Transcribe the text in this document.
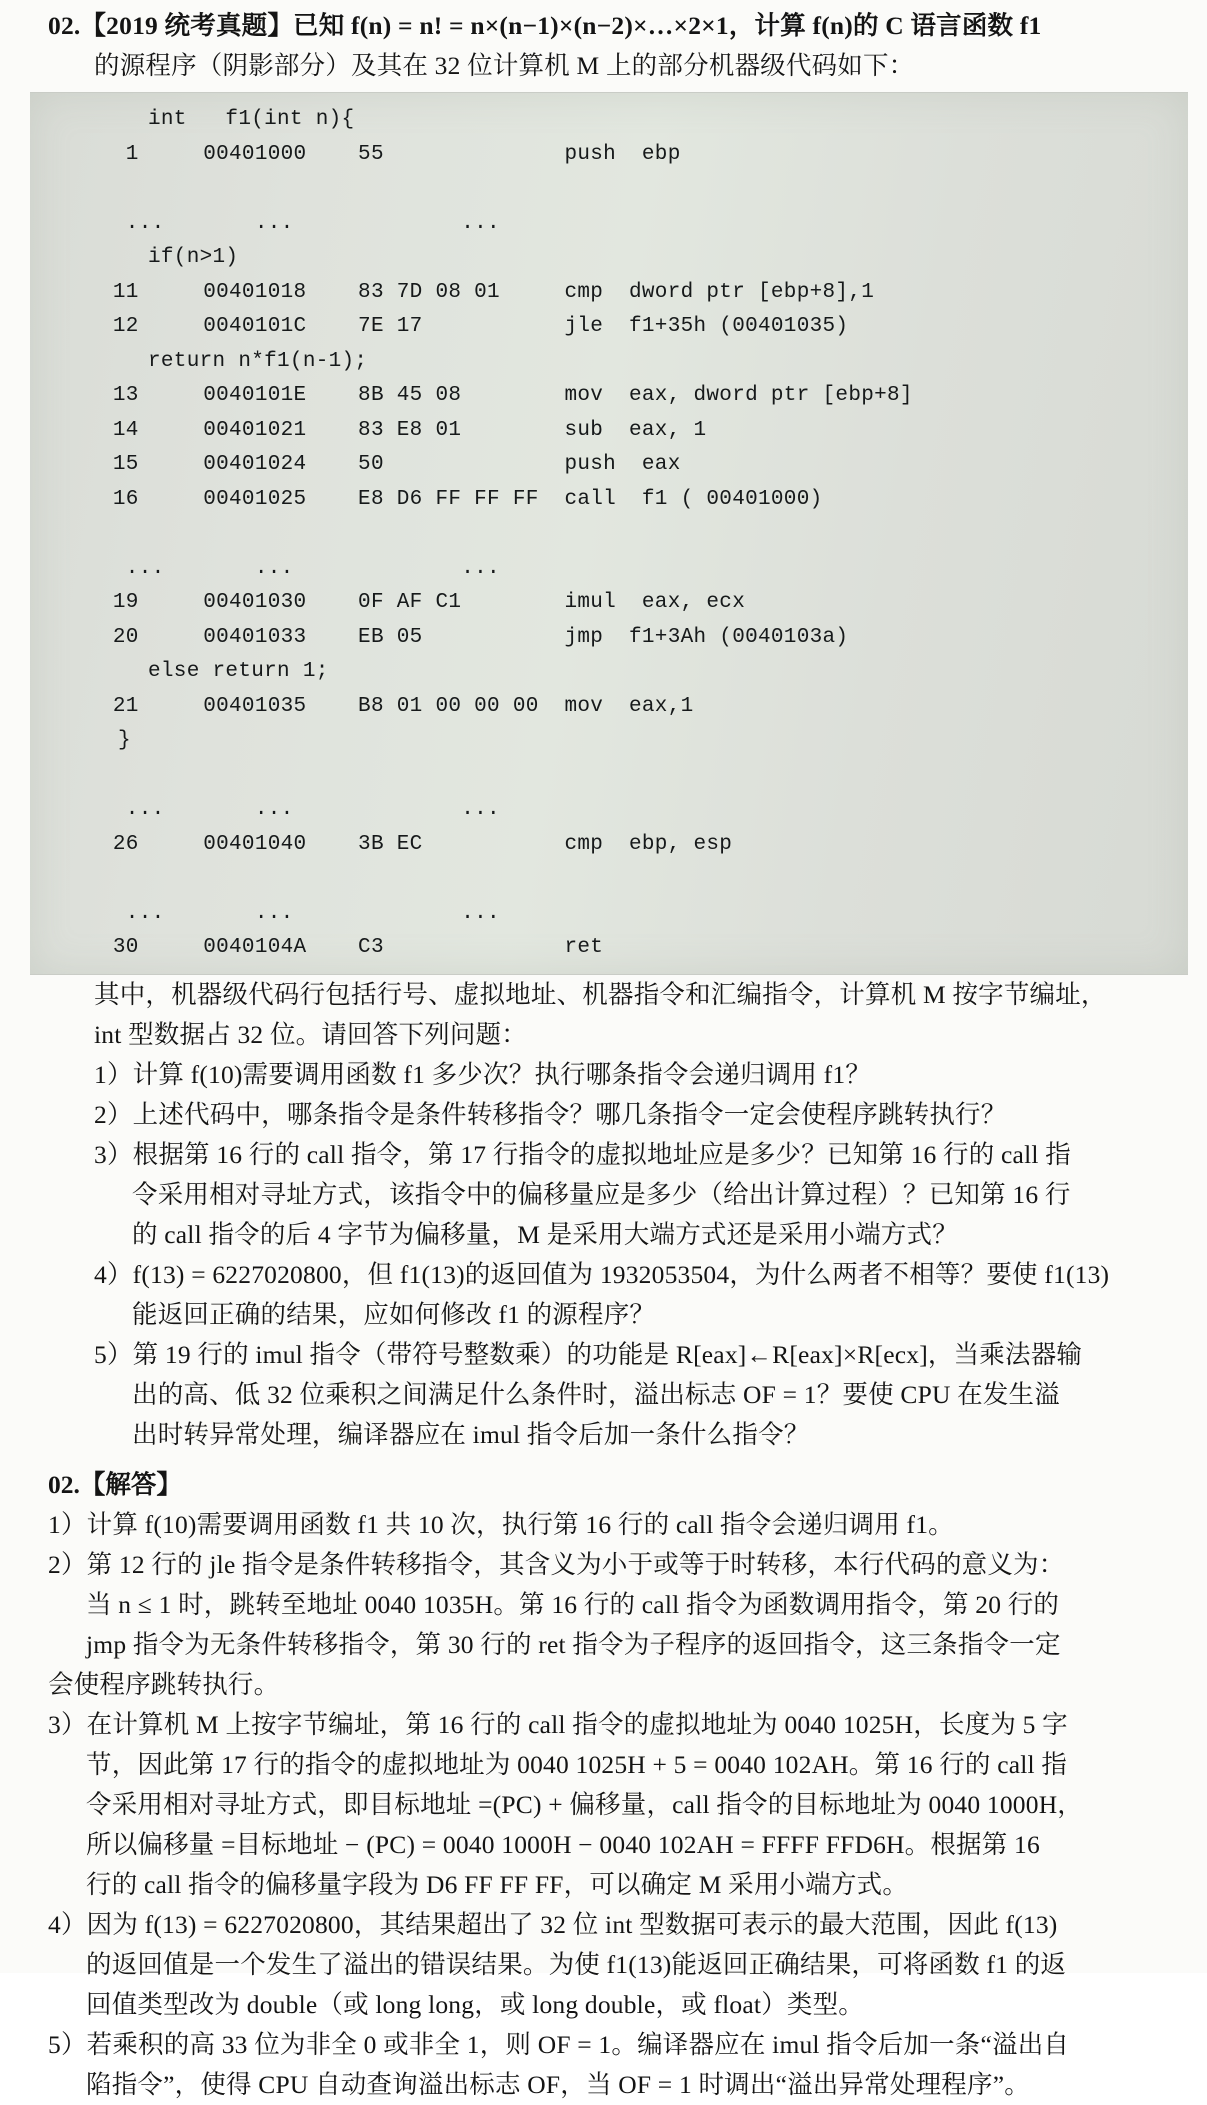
02.【2019 统考真题】已知 f(n) = n! = n×(n−1)×(n−2)×…×2×1，计算 f(n)的 C 语言函数 f1
的源程序（阴影部分）及其在 32 位计算机 M 上的部分机器级代码如下：
int   f1(int n){
1     00401000    55              push  ebp

...       ...             ...
if(n>1)
11     00401018    83 7D 08 01     cmp  dword ptr [ebp+8],1
12     0040101C    7E 17           jle  f1+35h (00401035)
return n*f1(n-1);
13     0040101E    8B 45 08        mov  eax, dword ptr [ebp+8]
14     00401021    83 E8 01        sub  eax, 1
15     00401024    50              push  eax
16     00401025    E8 D6 FF FF FF  call  f1 ( 00401000)

...       ...             ...
19     00401030    0F AF C1        imul  eax, ecx
20     00401033    EB 05           jmp  f1+3Ah (0040103a)
else return 1;
21     00401035    B8 01 00 00 00  mov  eax,1
}

...       ...             ...
26     00401040    3B EC           cmp  ebp, esp

...       ...             ...
30     0040104A    C3              ret
其中，机器级代码行包括行号、虚拟地址、机器指令和汇编指令，计算机 M 按字节编址，
int 型数据占 32 位。请回答下列问题：
1）计算 f(10)需要调用函数 f1 多少次？执行哪条指令会递归调用 f1？
2）上述代码中，哪条指令是条件转移指令？哪几条指令一定会使程序跳转执行？
3）根据第 16 行的 call 指令，第 17 行指令的虚拟地址应是多少？已知第 16 行的 call 指
令采用相对寻址方式，该指令中的偏移量应是多少（给出计算过程）？已知第 16 行
的 call 指令的后 4 字节为偏移量，M 是采用大端方式还是采用小端方式？
4）f(13) = 6227020800，但 f1(13)的返回值为 1932053504，为什么两者不相等？要使 f1(13)
能返回正确的结果，应如何修改 f1 的源程序？
5）第 19 行的 imul 指令（带符号整数乘）的功能是 R[eax]←R[eax]×R[ecx]，当乘法器输
出的高、低 32 位乘积之间满足什么条件时，溢出标志 OF = 1？要使 CPU 在发生溢
出时转异常处理，编译器应在 imul 指令后加一条什么指令？
02.【解答】
1）计算 f(10)需要调用函数 f1 共 10 次，执行第 16 行的 call 指令会递归调用 f1。
2）第 12 行的 jle 指令是条件转移指令，其含义为小于或等于时转移，本行代码的意义为：
当 n ≤ 1 时，跳转至地址 0040 1035H。第 16 行的 call 指令为函数调用指令，第 20 行的
jmp 指令为无条件转移指令，第 30 行的 ret 指令为子程序的返回指令，这三条指令一定
会使程序跳转执行。
3）在计算机 M 上按字节编址，第 16 行的 call 指令的虚拟地址为 0040 1025H，长度为 5 字
节，因此第 17 行的指令的虚拟地址为 0040 1025H + 5 = 0040 102AH。第 16 行的 call 指
令采用相对寻址方式，即目标地址 =(PC) + 偏移量，call 指令的目标地址为 0040 1000H，
所以偏移量 =目标地址 − (PC) = 0040 1000H − 0040 102AH = FFFF FFD6H。根据第 16
行的 call 指令的偏移量字段为 D6 FF FF FF，可以确定 M 采用小端方式。
4）因为 f(13) = 6227020800，其结果超出了 32 位 int 型数据可表示的最大范围，因此 f(13)
的返回值是一个发生了溢出的错误结果。为使 f1(13)能返回正确结果，可将函数 f1 的返
回值类型改为 double（或 long long，或 long double，或 float）类型。
5）若乘积的高 33 位为非全 0 或非全 1，则 OF = 1。编译器应在 imul 指令后加一条“溢出自
陷指令”，使得 CPU 自动查询溢出标志 OF，当 OF = 1 时调出“溢出异常处理程序”。
